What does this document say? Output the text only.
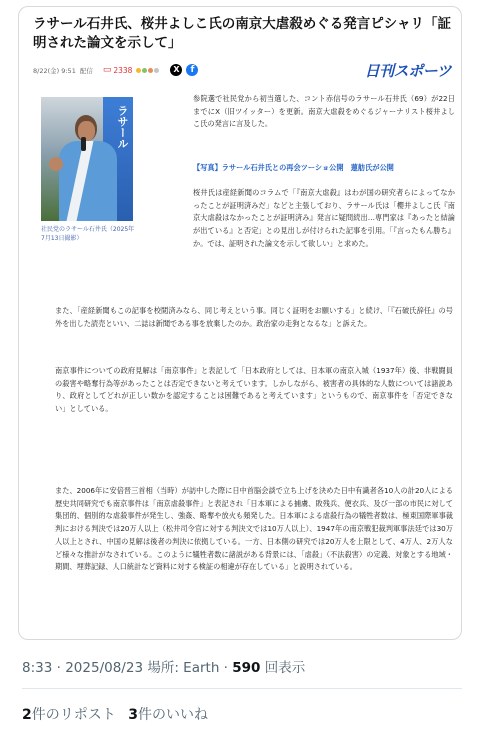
ラサール石井氏、桜井よしこ氏の南京大虐殺めぐる発言ピシャリ「証明された論文を示して」
8/22(金) 9:51 配信 ▭ 2338	X	f	日刊スポーツ
ラサール
社民党のラサール石井氏（2025年7月13日撮影）
参院選で社民党から初当選した、コント赤信号のラサール石井氏（69）が22日までにX（旧ツイッター）を更新。南京大虐殺をめぐるジャーナリスト桜井よしこ氏の発言に言及した。
【写真】ラサール石井氏との再会ツーショ公開　蓮舫氏が公開
桜井氏は産経新聞のコラムで「『南京大虐殺』はわが国の研究者らによってなかったことが証明済みだ」などと主張しており、ラサール氏は「櫻井よしこ氏『南京大虐殺はなかったことが証明済み』発言に疑問続出…専門家は『あったと結論が出ている』と否定」との見出しが付けられた記事を引用。「『言ったもん勝ち』か。では、証明された論文を示して欲しい」と求めた。
また、「産経新聞もこの記事を校閲済みなら、同じ考えという事。同じく証明をお願いする」と続け、「『石破氏辞任』の号外を出した読売といい、二誌は新聞である事を放棄したのか。政治家の走狗となるな」と訴えた。
南京事件についての政府見解は「南京事件」と表記して「日本政府としては、日本軍の南京入城（1937年）後、非戦闘員の殺害や略奪行為等があったことは否定できないと考えています。しかしながら、被害者の具体的な人数については諸説あり、政府としてどれが正しい数かを認定することは困難であると考えています」というもので、南京事件を「否定できない」としている。
また、2006年に安倍晋三首相（当時）が訪中した際に日中首脳会談で立ち上げを決めた日中有識者各10人の計20人による歴史共同研究でも南京事件は「南京虐殺事件」と表記され「日本軍による捕虜、敗残兵、便衣兵、及び一部の市民に対して集団的、個別的な虐殺事件が発生し、強姦、略奪や放火も頻発した。日本軍による虐殺行為の犠牲者数は、極東国際軍事裁判における判決では20万人以上（松井司令官に対する判決文では10万人以上）、1947年の南京戦犯裁判軍事法廷では30万人以上とされ、中国の見解は後者の判決に依拠している。一方、日本側の研究では20万人を上限として、4万人、2万人など様々な推計がなされている。このように犠牲者数に諸説がある背景には、「虐殺」（不法殺害）の定義、対象とする地域・期間、埋葬記録、人口統計など資料に対する検証の相違が存在している」と説明されている。
8:33 · 2025/08/23 場所: Earth · 590 回表示
2件のリポスト 3件のいいね
